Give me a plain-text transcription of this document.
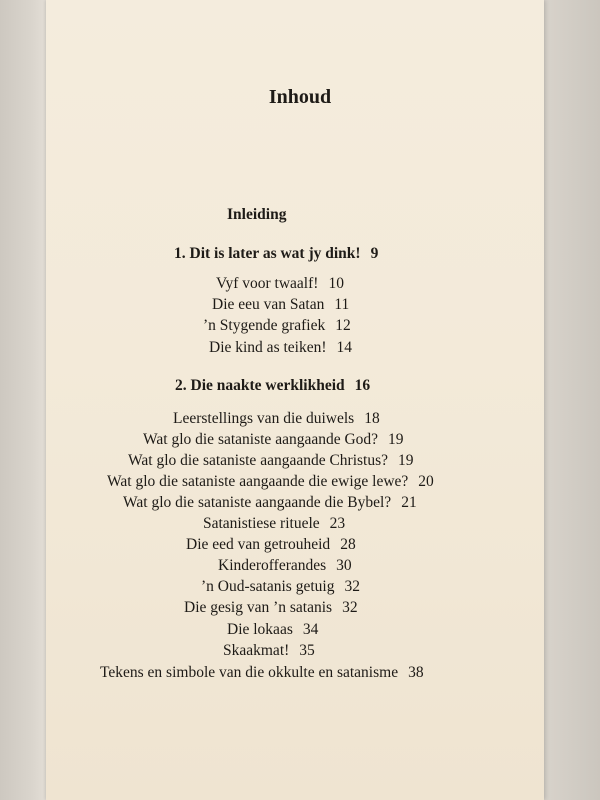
Inhoud
Inleiding
1. Dit is later as wat jy dink! 9
Vyf voor twaalf! 10
Die eeu van Satan 11
’n Stygende grafiek 12
Die kind as teiken! 14
2. Die naakte werklikheid 16
Leerstellings van die duiwels 18
Wat glo die sataniste aangaande God? 19
Wat glo die sataniste aangaande Christus? 19
Wat glo die sataniste aangaande die ewige lewe? 20
Wat glo die sataniste aangaande die Bybel? 21
Satanistiese rituele 23
Die eed van getrouheid 28
Kinderofferandes 30
’n Oud-satanis getuig 32
Die gesig van ’n satanis 32
Die lokaas 34
Skaakmat! 35
Tekens en simbole van die okkulte en satanisme 38
